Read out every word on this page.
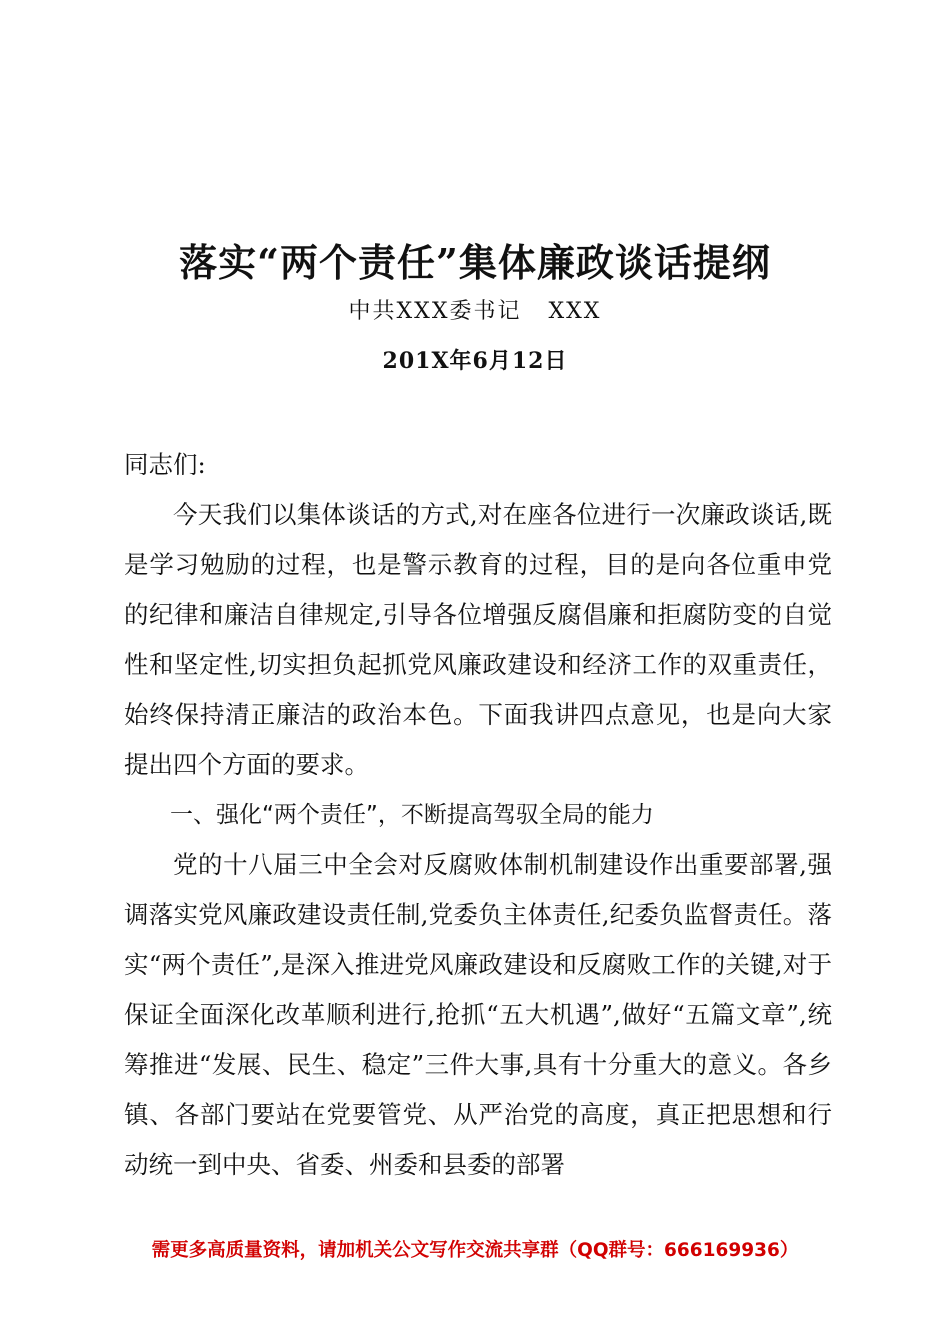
落实“两个责任”集体廉政谈话提纲
中共XXX委书记   XXX
201X年6月12日

同志们:

今天我们以集体谈话的方式,对在座各位进行一次廉政谈话,既是学习勉励的过程，也是警示教育的过程，目的是向各位重申党的纪律和廉洁自律规定,引导各位增强反腐倡廉和拒腐防变的自觉性和坚定性,切实担负起抓党风廉政建设和经济工作的双重责任，始终保持清正廉洁的政治本色。下面我讲四点意见，也是向大家提出四个方面的要求。

一、强化“两个责任”，不断提高驾驭全局的能力

党的十八届三中全会对反腐败体制机制建设作出重要部署,强调落实党风廉政建设责任制,党委负主体责任,纪委负监督责任。落实“两个责任”,是深入推进党风廉政建设和反腐败工作的关键,对于保证全面深化改革顺利进行,抢抓“五大机遇”,做好“五篇文章”,统筹推进“发展、民生、稳定”三件大事,具有十分重大的意义。各乡镇、各部门要站在党要管党、从严治党的高度，真正把思想和行动统一到中央、省委、州委和县委的部署

需更多高质量资料，请加机关公文写作交流共享群（QQ群号：666169936）
